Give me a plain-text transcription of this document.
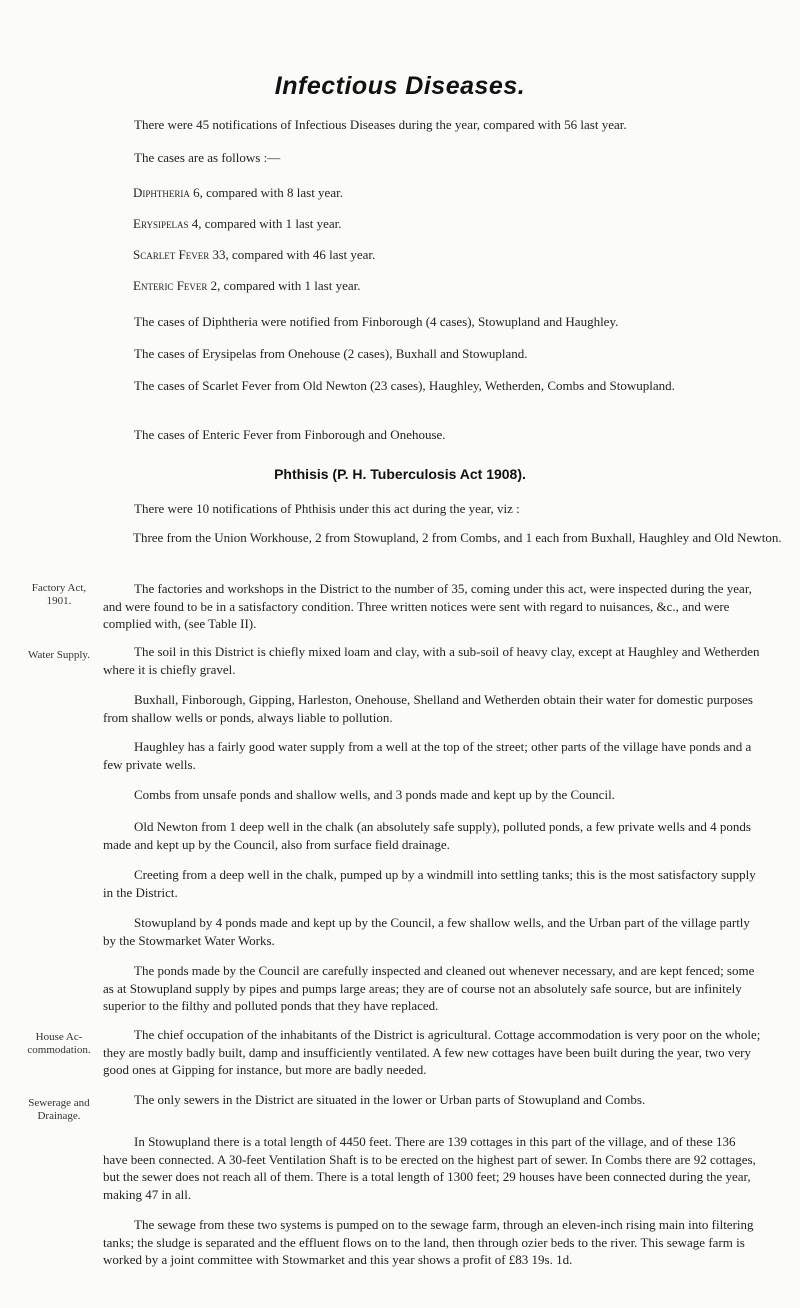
Infectious Diseases.

There were 45 notifications of Infectious Diseases during the year, compared with 56 last year.

The cases are as follows :—

Diphtheria 6, compared with 8 last year.

Erysipelas 4, compared with 1 last year.

Scarlet Fever 33, compared with 46 last year.

Enteric Fever 2, compared with 1 last year.

The cases of Diphtheria were notified from Finborough (4 cases), Stowupland and Haughley.

The cases of Erysipelas from Onehouse (2 cases), Buxhall and Stowupland.

The cases of Scarlet Fever from Old Newton (23 cases), Haughley, Wetherden, Combs and Stowupland.

The cases of Enteric Fever from Finborough and Onehouse.

Phthisis (P. H. Tuberculosis Act 1908).

There were 10 notifications of Phthisis under this act during the year, viz :

Three from the Union Workhouse, 2 from Stowupland, 2 from Combs, and 1 each from Buxhall, Haughley and Old Newton.

Factory Act, 1901.

The factories and workshops in the District to the number of 35, coming under this act, were inspected during the year, and were found to be in a satisfactory condition. Three written notices were sent with regard to nuisances, &c., and were complied with, (see Table II).

Water Supply.	The soil in this District is chiefly mixed loam and clay, with a sub-soil of heavy clay, except at Haughley and Wetherden where it is chiefly gravel.

Buxhall, Finborough, Gipping, Harleston, Onehouse, Shelland and Wetherden obtain their water for domestic purposes from shallow wells or ponds, always liable to pollution.

Haughley has a fairly good water supply from a well at the top of the street; other parts of the village have ponds and a few private wells.

Combs from unsafe ponds and shallow wells, and 3 ponds made and kept up by the Council.

Old Newton from 1 deep well in the chalk (an absolutely safe supply), polluted ponds, a few private wells and 4 ponds made and kept up by the Council, also from surface field drainage.

Creeting from a deep well in the chalk, pumped up by a windmill into settling tanks; this is the most satisfactory supply in the District.

Stowupland by 4 ponds made and kept up by the Council, a few shallow wells, and the Urban part of the village partly by the Stowmarket Water Works.

The ponds made by the Council are carefully inspected and cleaned out whenever necessary, and are kept fenced; some as at Stowupland supply by pipes and pumps large areas; they are of course not an absolutely safe source, but are infinitely superior to the filthy and polluted ponds that they have replaced.

House Ac-commodation.

The chief occupation of the inhabitants of the District is agricultural. Cottage accommodation is very poor on the whole; they are mostly badly built, damp and insufficiently ventilated. A few new cottages have been built during the year, two very good ones at Gipping for instance, but more are badly needed.

Sewerage and Drainage.

The only sewers in the District are situated in the lower or Urban parts of Stowupland and Combs.

In Stowupland there is a total length of 4450 feet. There are 139 cottages in this part of the village, and of these 136 have been connected. A 30-feet Ventilation Shaft is to be erected on the highest part of sewer. In Combs there are 92 cottages, but the sewer does not reach all of them. There is a total length of 1300 feet; 29 houses have been connected during the year, making 47 in all.

The sewage from these two systems is pumped on to the sewage farm, through an eleven-inch rising main into filtering tanks; the sludge is separated and the effluent flows on to the land, then through ozier beds to the river. This sewage farm is worked by a joint committee with Stowmarket and this year shows a profit of £83 19s. 1d.
